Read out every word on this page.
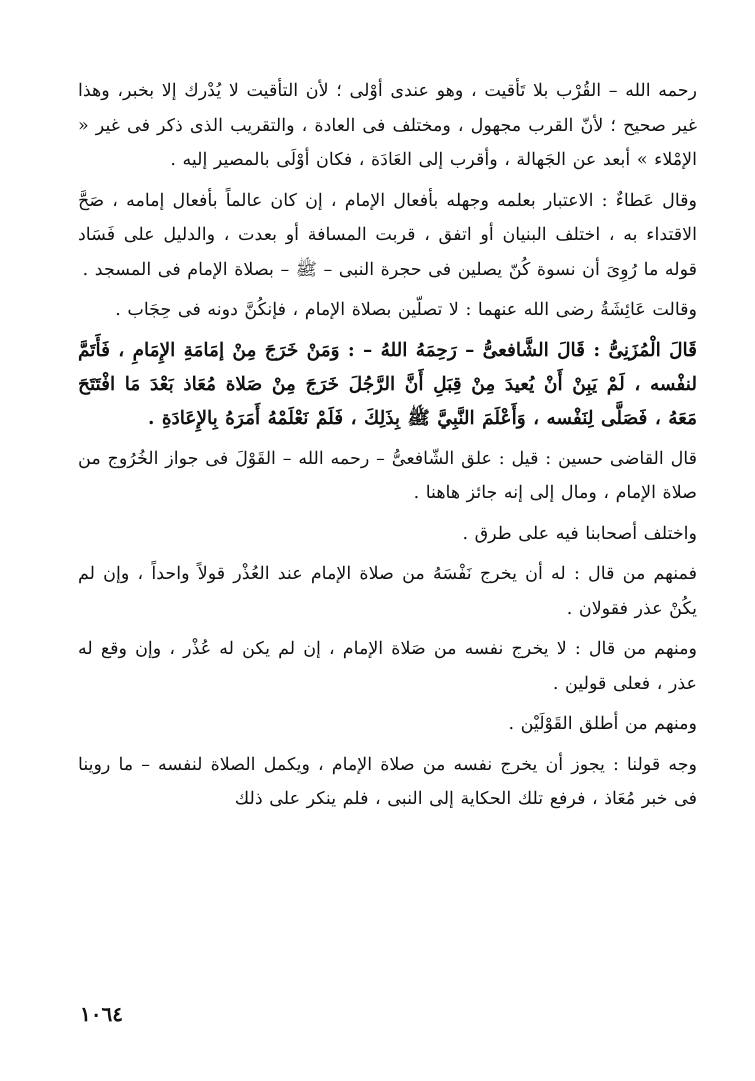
رحمه الله – القُرْب بلا تَأقيت ، وهو عندى أوْلى ؛ لأن التأقيت لا يُدْرك إلا بخبر، وهذا غير صحيح ؛ لأنّ القرب مجهول ، ومختلف فى العادة ، والتقريب الذى ذكر فى غير « الإمْلاء » أبعد عن الجَهالة ، وأقرب إلى العَادَة ، فكان أوْلَى بالمصير إليه .

وقال عَطاءٌ : الاعتبار بعلمه وجهله بأفعال الإمام ، إن كان عالماً بأفعال إمامه ، صَحَّ الاقتداء به ، اختلف البنيان أو اتفق ، قربت المسافة أو بعدت ، والدليل على فَسَاد قوله ما رُوِىَ أن نسوة كُنّ يصلين فى حجرة النبى – ﷺ – بصلاة الإمام فى المسجد .

وقالت عَائِشَةُ رضى الله عنهما : لا تصلّين بصلاة الإمام ، فإنكُنَّ دونه فى حِجَاب .

قَالَ الْمُزَنِىُّ : قَالَ الشَّافعىُّ – رَحِمَهُ اللهُ – : وَمَنْ خَرَجَ مِنْ إمَامَةِ الإِمَامِ ، فَأَتَمَّ لنفْسه ، لَمْ يَبِنْ أَنْ يُعيدَ مِنْ قِبَلِ أَنَّ الرَّجُلَ خَرَجَ مِنْ صَلاة مُعَاذ بَعْدَ مَا افْتَتَحَ مَعَهُ ، فَصَلَّى لِنَفْسه ، وَأَعْلَمَ النَّبِيَّ ﷺ بِذَلِكَ ، فَلَمْ نَعْلَمْهُ أَمَرَهُ بِالإِعَادَةِ .

قال القاضى حسين : قيل : علق الشّافعىُّ – رحمه الله – القَوْلَ فى جواز الخُرُوج من صلاة الإمام ، ومال إلى إنه جائز هاهنا .

واختلف أصحابنا فيه على طرق .

فمنهم من قال : له أن يخرج نَفْسَهُ من صلاة الإمام عند العُذْر قولاً واحداً ، وإن لم يكُنْ عذر فقولان .

ومنهم من قال : لا يخرج نفسه من صَلاة الإمام ، إن لم يكن له عُذْر ، وإن وقع له عذر ، فعلى قولين .

ومنهم من أطلق القَوْلَيْن .

وجه قولنا : يجوز أن يخرج نفسه من صلاة الإمام ، ويكمل الصلاة لنفسه – ما روينا فى خبر مُعَاذ ، فرفع تلك الحكاية إلى النبى ، فلم ينكر على ذلك

١٠٦٤
